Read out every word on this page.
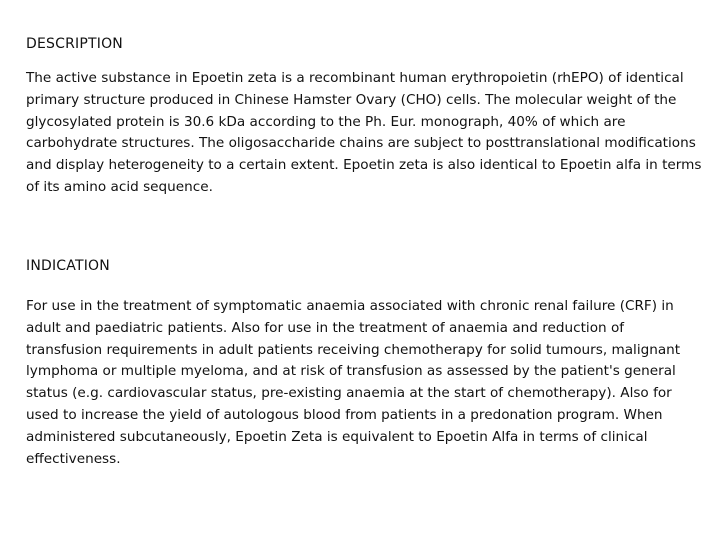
DESCRIPTION

The active substance in Epoetin zeta is a recombinant human erythropoietin (rhEPO) of identical primary structure produced in Chinese Hamster Ovary (CHO) cells. The molecular weight of the glycosylated protein is 30.6 kDa according to the Ph. Eur. monograph, 40% of which are carbohydrate structures. The oligosaccharide chains are subject to posttranslational modifications and display heterogeneity to a certain extent. Epoetin zeta is also identical to Epoetin alfa in terms of its amino acid sequence.

INDICATION

For use in the treatment of symptomatic anaemia associated with chronic renal failure (CRF) in adult and paediatric patients. Also for use in the treatment of anaemia and reduction of transfusion requirements in adult patients receiving chemotherapy for solid tumours, malignant lymphoma or multiple myeloma, and at risk of transfusion as assessed by the patient's general status (e.g. cardiovascular status, pre-existing anaemia at the start of chemotherapy). Also for used to increase the yield of autologous blood from patients in a predonation program. When administered subcutaneously, Epoetin Zeta is equivalent to Epoetin Alfa in terms of clinical effectiveness.
